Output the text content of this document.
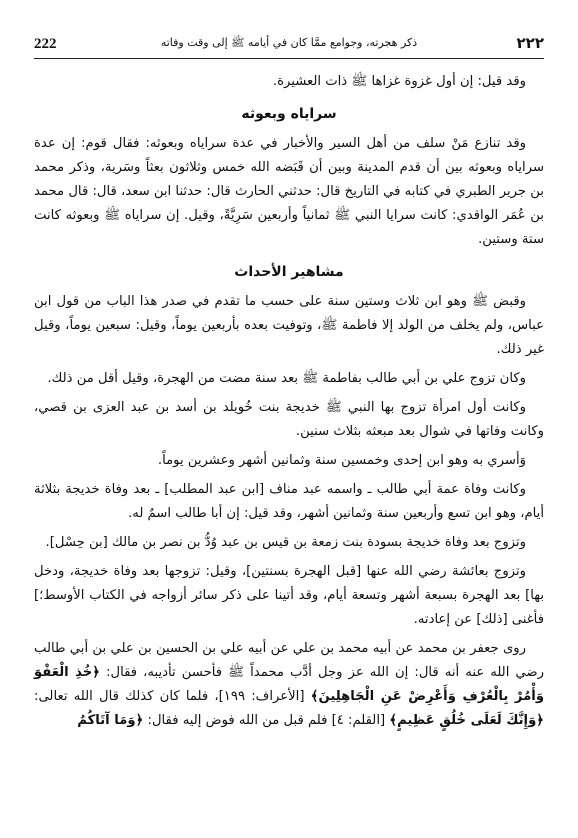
222	ذكر هجرته، وجوامع ممَّا كان في أيامه ﷺ إلى وقت وفاته	٢٢٢

وقد قيل: إن أول غزوة غزاها ﷺ ذات العشيرة.

سراياه وبعوثه

وقد تنازع مَنْ سلف من أهل السير والأخبار في عدة سراياه وبعوثه: فقال قوم: إن عدة سراياه وبعوثه بين أن قدم المدينة وبين أن قَبَضه الله خمس وثلاثون بعثاً وسَرية، وذكر محمد بن جرير الطبري في كتابه في التاريخ قال: حدثني الحارث قال: حدثنا ابن سعد، قال: قال محمد بن عُمَر الواقدي: كانت سرايا النبي ﷺ ثمانياً وأربعين سَرِيَّةً، وقيل. إن سراياه ﷺ وبعوثه كانت ستة وستين.

مشاهير الأحداث

وقبض ﷺ وهو ابن ثلاث وستين سنة على حسب ما تقدم في صدر هذا الباب من قول ابن عباس، ولم يخلف من الولد إلا فاطمة ﷺ، وتوفيت بعده بأربعين يوماً، وقيل: سبعين يوماً، وقيل غير ذلك.

وكان تزوج علي بن أبي طالب بفاطمة ﷺ بعد سنة مضت من الهجرة، وقيل أقل من ذلك.

وكانت أول امرأة تزوج بها النبي ﷺ خديجة بنت خُويلد بن أسد بن عبد العزى بن قصي، وكانت وفاتها في شوال بعد مبعثه بثلاث سنين.

وَأسري به وهو ابن إحدى وخمسين سنة وثمانين أشهر وعشرين يوماً.

وكانت وفاة عمة أبي طالب ـ واسمه عبد مناف [ابن عبد المطلب] ـ بعد وفاة خديجة بثلاثة أيام، وهو ابن تسع وأربعين سنة وثمانين أشهر، وقد قيل: إن أبا طالب اسمٌ له.

وتزوج بعد وفاة خديجة بسودة بنت زمعة بن قيس بن عبد وُدُّ بن نصر بن مالك [بن حِسْل].

وتزوج بعائشة رضي الله عنها [قبل الهجرة بسنتين]، وقيل: تزوجها بعد وفاة خديجة، ودخل بها] بعد الهجرة بسبعة أشهر وتسعة أيام، وقد أتينا على ذكر سائر أزواجه في الكتاب الأوسط؛] فأغنى [ذلك] عن إعادته.

روى جعفر بن محمد عن أبيه محمد بن علي عن أبيه علي بن الحسين بن علي بن أبي طالب رضي الله عنه أنه قال: إن الله عز وجل أدَّب محمداً ﷺ فأحسن تأديبه، فقال: ﴿خُذِ الْعَفْوَ وَأْمُرْ بِالْعُرْفِ وَأَعْرِضْ عَنِ الْجَاهِلِينَ﴾ [الأعراف: ١٩٩]، فلما كان كذلك قال الله تعالى: ﴿وَإِنَّكَ لَعَلَى خُلُقٍ عَظِيمٍ﴾ [القلم: ٤] فلم قبل من الله فوض إليه فقال: ﴿وَمَا آتَاكُمُ
